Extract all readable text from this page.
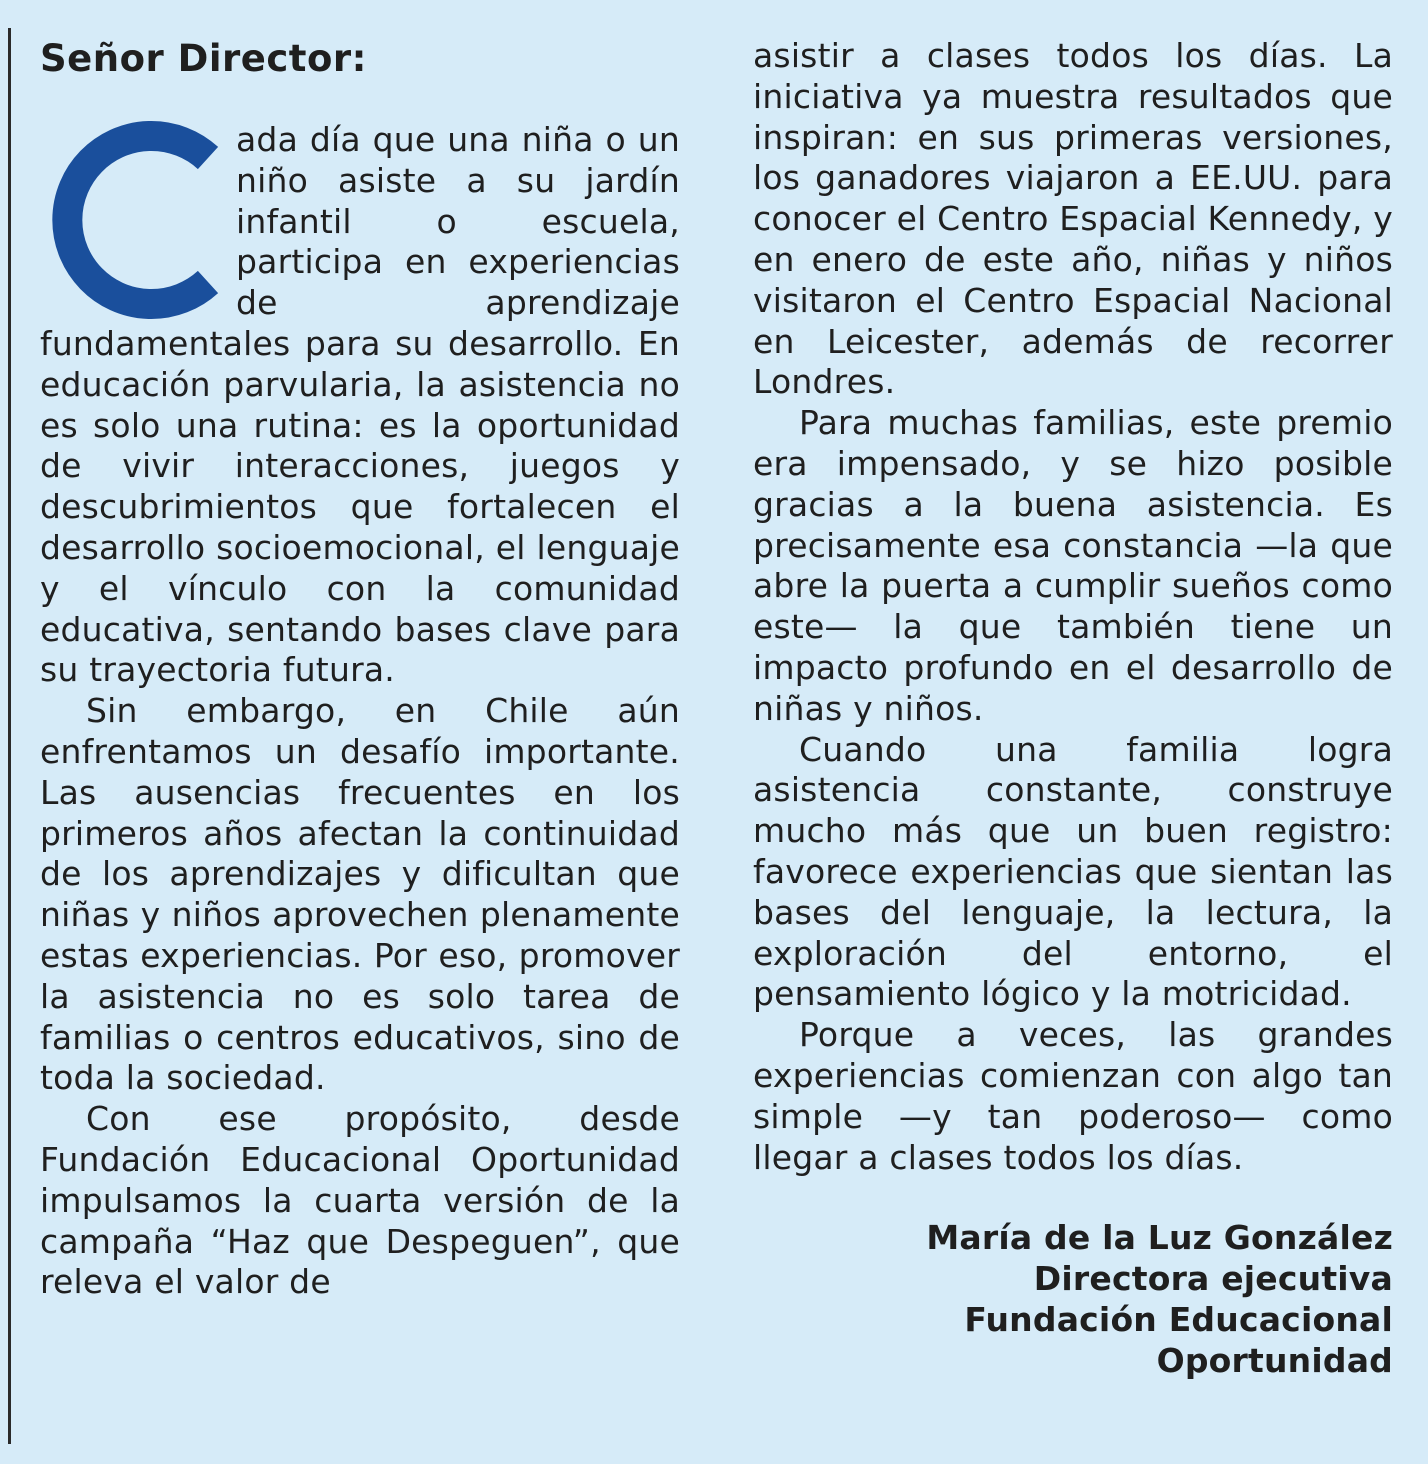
Señor Director:

ada día que una niña o un niño asiste a su jardín infantil o escuela, participa en experiencias de aprendizaje fundamentales para su desarrollo. En educación parvularia, la asistencia no es solo una rutina: es la oportunidad de vivir interacciones, juegos y descubrimientos que fortalecen el desarrollo socioemocional, el lenguaje y el vínculo con la comunidad educativa, sentando bases clave para su trayectoria futura.

Sin embargo, en Chile aún enfrentamos un desafío importante. Las ausencias frecuentes en los primeros años afectan la continuidad de los aprendizajes y dificultan que niñas y niños aprovechen plenamente estas experiencias. Por eso, promover la asistencia no es solo tarea de familias o centros educativos, sino de toda la sociedad.

Con ese propósito, desde Fundación Educacional Oportunidad impulsamos la cuarta versión de la campaña “Haz que Despeguen”, que releva el valor de

asistir a clases todos los días. La iniciativa ya muestra resultados que inspiran: en sus primeras versiones, los ganadores viajaron a EE.UU. para conocer el Centro Espacial Kennedy, y en enero de este año, niñas y niños visitaron el Centro Espacial Nacional en Leicester, además de recorrer Londres.

Para muchas familias, este premio era impensado, y se hizo posible gracias a la buena asistencia. Es precisamente esa constancia —la que abre la puerta a cumplir sueños como este— la que también tiene un impacto profundo en el desarrollo de niñas y niños.

Cuando una familia logra asistencia constante, construye mucho más que un buen registro: favorece experiencias que sientan las bases del lenguaje, la lectura, la exploración del entorno, el pensamiento lógico y la motricidad.

Porque a veces, las grandes experiencias comienzan con algo tan simple —y tan poderoso— como llegar a clases todos los días.

María de la Luz González
Directora ejecutiva
Fundación Educacional
Oportunidad
